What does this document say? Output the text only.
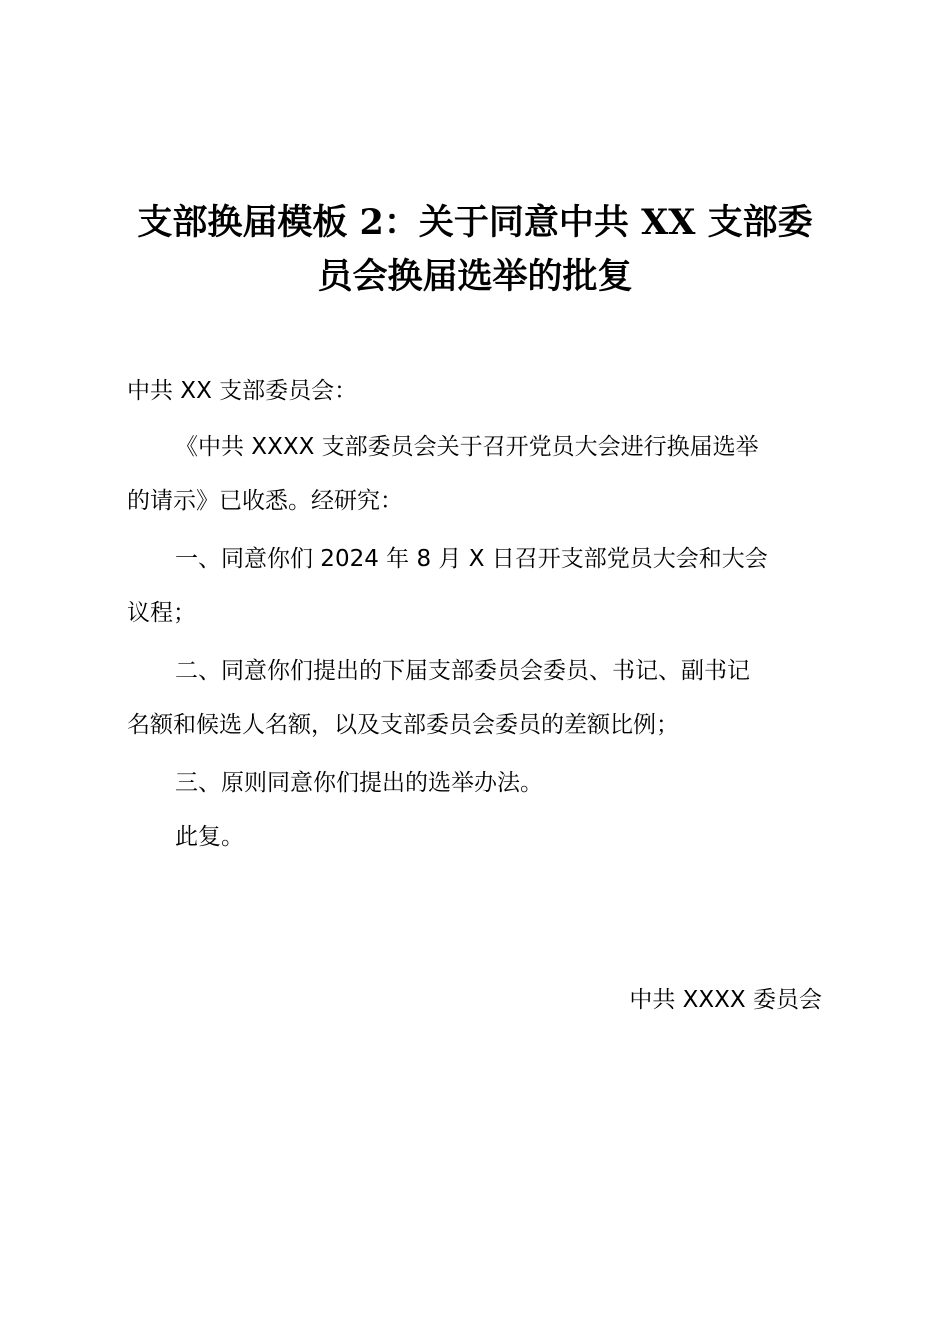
支部换届模板 2：关于同意中共 XX 支部委
员会换届选举的批复

中共 XX 支部委员会：

《中共 XXXX 支部委员会关于召开党员大会进行换届选举
的请示》已收悉。经研究：

一、同意你们 2024 年 8 月 X 日召开支部党员大会和大会
议程；

二、同意你们提出的下届支部委员会委员、书记、副书记
名额和候选人名额，以及支部委员会委员的差额比例；

三、原则同意你们提出的选举办法。

此复。

中共 XXXX 委员会
